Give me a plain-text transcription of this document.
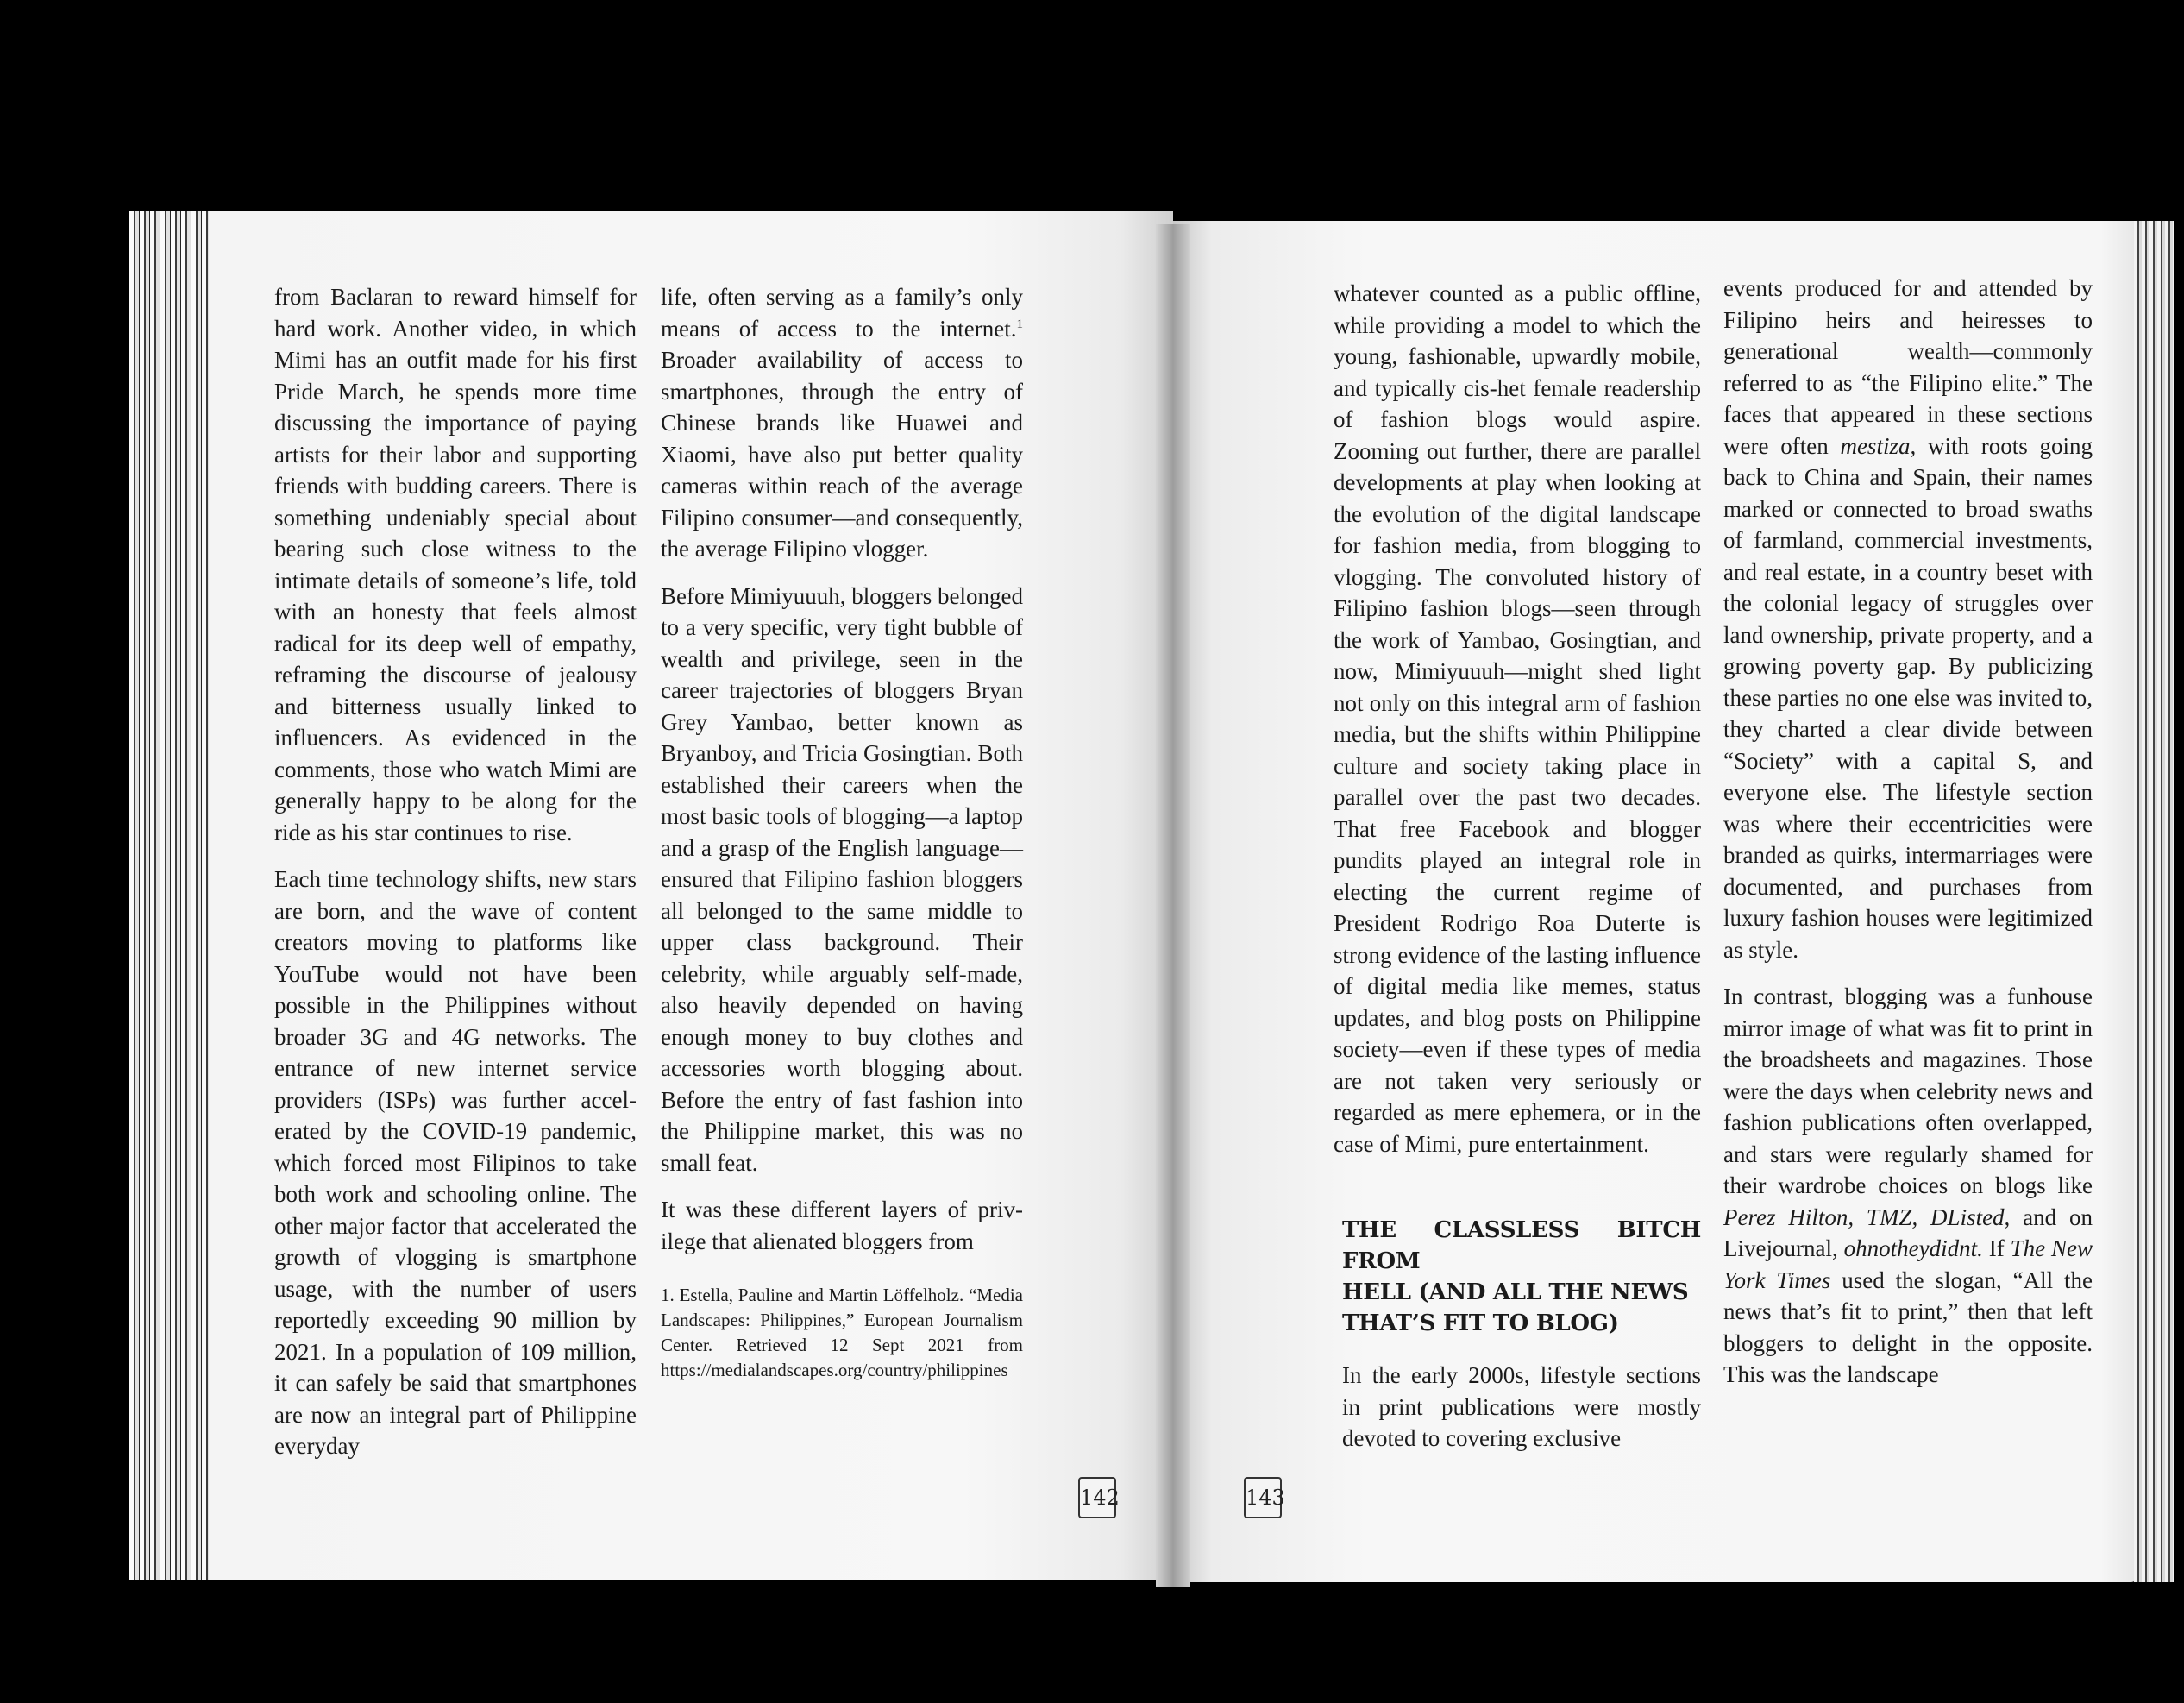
from Baclaran to reward himself for hard work. Another video, in which Mimi has an outfit made for his first Pride March, he spends more time discussing the importance of paying artists for their labor and supporting friends with budding careers. There is something undeniably special about bearing such close witness to the intimate details of someone’s life, told with an honesty that feels almost radical for its deep well of empathy, reframing the discourse of jealousy and bitterness usually linked to influencers. As evidenced in the comments, those who watch Mimi are generally happy to be along for the ride as his star continues to rise.

Each time technology shifts, new stars are born, and the wave of content creators moving to platforms like YouTube would not have been possible in the Philippines without broader 3G and 4G networks. The entrance of new internet service providers (ISPs) was further accelerated by the COVID-19 pandemic, which forced most Filipinos to take both work and schooling online. The other major factor that accelerated the growth of vlogging is smartphone usage, with the number of users reportedly exceeding 90 million by 2021. In a population of 109 million, it can safely be said that smartphones are now an integral part of Philippine everyday

life, often serving as a family’s only means of access to the internet.$^1$ Broader availability of access to smartphones, through the entry of Chinese brands like Huawei and Xiaomi, have also put better quality cameras within reach of the average Filipino consumer—and consequently, the average Filipino vlogger.

Before Mimiyuuuh, bloggers belonged to a very specific, very tight bubble of wealth and privilege, seen in the career trajectories of bloggers Bryan Grey Yambao, better known as Bryanboy, and Tricia Gosingtian. Both established their careers when the most basic tools of blogging—a laptop and a grasp of the English language—ensured that Filipino fashion bloggers all belonged to the same middle to upper class background. Their celebrity, while arguably self-made, also heavily depended on having enough money to buy clothes and accessories worth blogging about. Before the entry of fast fashion into the Philippine market, this was no small feat.

It was these different layers of privilege that alienated bloggers from

1. Estella, Pauline and Martin Löffelholz. “Media Landscapes: Philippines,” European Journalism Center. Retrieved 12 Sept 2021 from https://medialandscapes.org/country/philippines

whatever counted as a public offline, while providing a model to which the young, fashionable, upwardly mobile, and typically cis-het female readership of fashion blogs would aspire. Zooming out further, there are parallel developments at play when looking at the evolution of the digital landscape for fashion media, from blogging to vlogging. The convoluted history of Filipino fashion blogs—seen through the work of Yambao, Gosingtian, and now, Mimiyuuuh—might shed light not only on this integral arm of fashion media, but the shifts within Philippine culture and society taking place in parallel over the past two decades. That free Facebook and blogger pundits played an integral role in electing the current regime of President Rodrigo Roa Duterte is strong evidence of the lasting influence of digital media like memes, status updates, and blog posts on Philippine society—even if these types of media are not taken very seriously or regarded as mere ephemera, or in the case of Mimi, pure entertainment.

THE CLASSLESS BITCH FROM
HELL (AND ALL THE NEWS
THAT’S FIT TO BLOG)

In the early 2000s, lifestyle sections in print publications were mostly devoted to covering exclusive

events produced for and attended by Filipino heirs and heiresses to generational wealth—commonly referred to as “the Filipino elite.” The faces that appeared in these sections were often mestiza, with roots going back to China and Spain, their names marked or connected to broad swaths of farmland, commercial investments, and real estate, in a country beset with the colonial legacy of struggles over land ownership, private property, and a growing poverty gap. By publicizing these parties no one else was invited to, they charted a clear divide between “Society” with a capital S, and everyone else. The lifestyle section was where their eccentricities were branded as quirks, intermarriages were documented, and purchases from luxury fashion houses were legitimized as style.

In contrast, blogging was a funhouse mirror image of what was fit to print in the broadsheets and magazines. Those were the days when celebrity news and fashion publications often overlapped, and stars were regularly shamed for their wardrobe choices on blogs like Perez Hilton, TMZ, DListed, and on Livejournal, ohnotheydidnt. If The New York Times used the slogan, “All the news that’s fit to print,” then that left bloggers to delight in the opposite. This was the landscape

142	143
